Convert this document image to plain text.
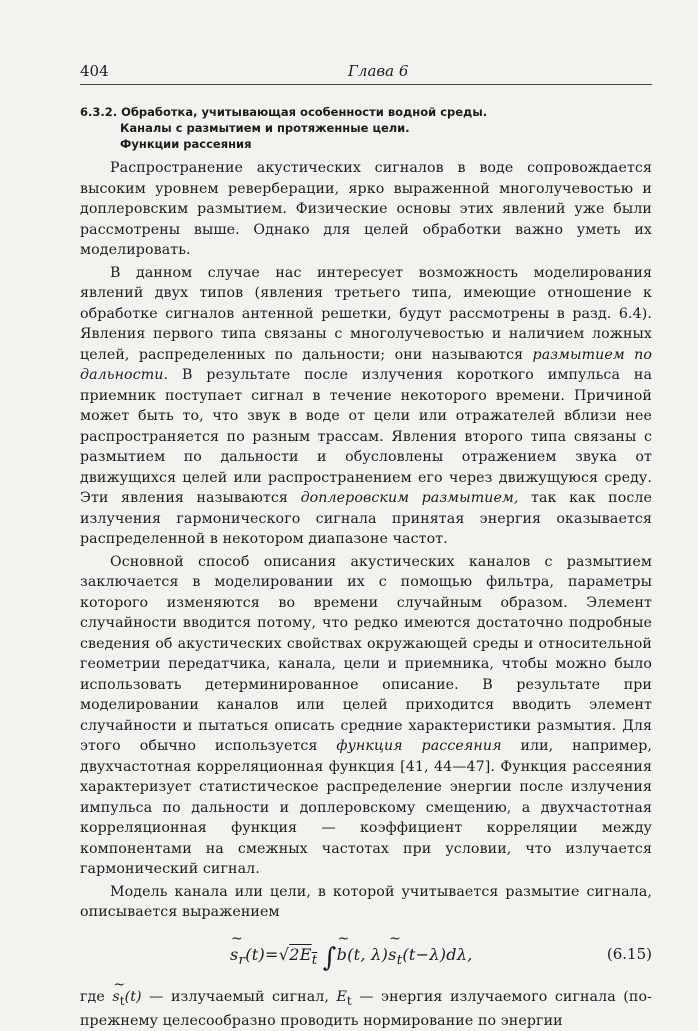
404	Глава 6
6.3.2. Обработка, учитывающая особенности водной среды.
Каналы с размытием и протяженные цели.
Функции рассеяния

Распространение акустических сигналов в воде сопровождается высоким уровнем реверберации, ярко выраженной многолучевостью и доплеровским размытием. Физические основы этих явлений уже были рассмотрены выше. Однако для целей обработки важно уметь их моделировать.

В данном случае нас интересует возможность моделирования явлений двух типов (явления третьего типа, имеющие отношение к обработке сигналов антенной решетки, будут рассмотрены в разд. 6.4). Явления первого типа связаны с многолучевостью и наличием ложных целей, распределенных по дальности; они называются размытием по дальности. В результате после излучения короткого импульса на приемник поступает сигнал в течение некоторого времени. Причиной может быть то, что звук в воде от цели или отражателей вблизи нее распространяется по разным трассам. Явления второго типа связаны с размытием по дальности и обусловлены отражением звука от движущихся целей или распространением его через движущуюся среду. Эти явления называются доплеровским размытием, так как после излучения гармонического сигнала принятая энергия оказывается распределенной в некотором диапазоне частот.

Основной способ описания акустических каналов с размытием заключается в моделировании их с помощью фильтра, параметры которого изменяются во времени случайным образом. Элемент случайности вводится потому, что редко имеются достаточно подробные сведения об акустических свойствах окружающей среды и относительной геометрии передатчика, канала, цели и приемника, чтобы можно было использовать детерминированное описание. В результате при моделировании каналов или целей приходится вводить элемент случайности и пытаться описать средние характеристики размытия. Для этого обычно используется функция рассеяния или, например, двухчастотная корреляционная функция [41, 44—47]. Функция рассеяния характеризует статистическое распределение энергии после излучения импульса по дальности и доплеровскому смещению, а двухчастотная корреляционная функция — коэффициент корреляции между компонентами на смежных частотах при условии, что излучается гармонический сигнал.

Модель канала или цели, в которой учитывается размытие сигнала, описывается выражением

~ $s_r(t)=√2E_t$ ∫~ b(t, λ)~ $s_t(t-\lambda)d\lambda$,	(6.15)

где ~ $s_t(t)$ — излучаемый сигнал, $E_t$ — энергия излучаемого сигнала (по-прежнему целесообразно проводить нормирование по энергии
